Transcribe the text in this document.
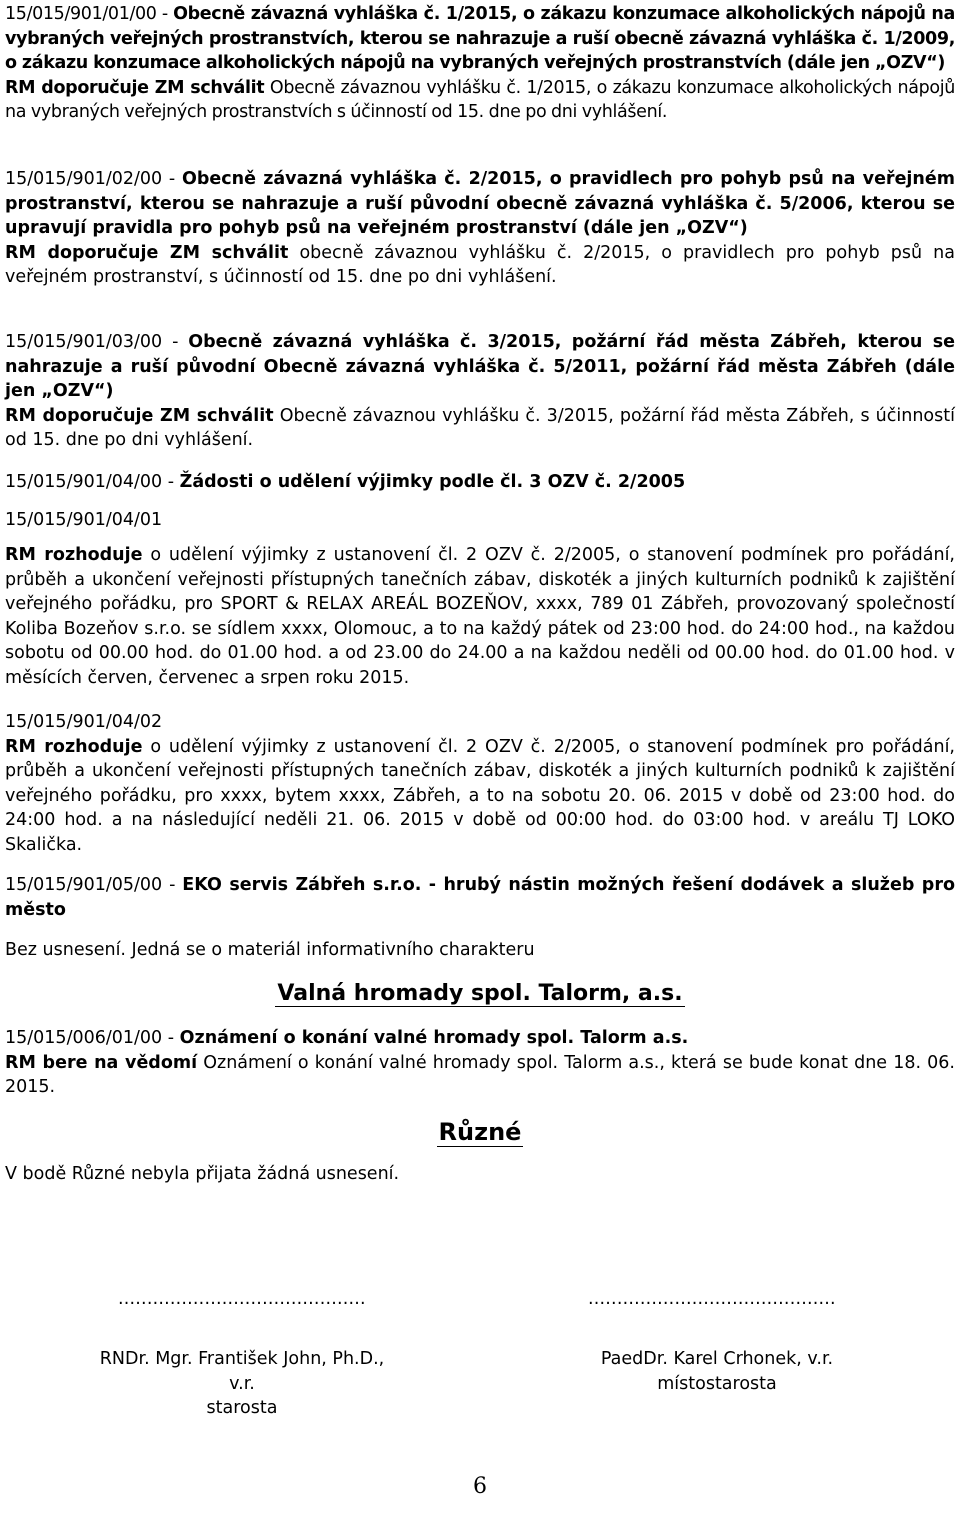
15/015/901/01/00 - Obecně závazná vyhláška č. 1/2015, o zákazu konzumace alkoholických nápojů na vybraných veřejných prostranstvích, kterou se nahrazuje a ruší obecně závazná vyhláška č. 1/2009, o zákazu konzumace alkoholických nápojů na vybraných veřejných prostranstvích (dále jen „OZV“)

RM doporučuje ZM schválit Obecně závaznou vyhlášku č. 1/2015, o zákazu konzumace alkoholických nápojů na vybraných veřejných prostranstvích s účinností od 15. dne po dni vyhlášení.

15/015/901/02/00 - Obecně závazná vyhláška č. 2/2015, o pravidlech pro pohyb psů na veřejném prostranství, kterou se nahrazuje a ruší původní obecně závazná vyhláška č. 5/2006, kterou se upravují pravidla pro pohyb psů na veřejném prostranství (dále jen „OZV“)

RM doporučuje ZM schválit obecně závaznou vyhlášku č. 2/2015, o pravidlech pro pohyb psů na veřejném prostranství, s účinností od 15. dne po dni vyhlášení.

15/015/901/03/00 - Obecně závazná vyhláška č. 3/2015, požární řád města Zábřeh, kterou se nahrazuje a ruší původní Obecně závazná vyhláška č. 5/2011, požární řád města Zábřeh (dále jen „OZV“)

RM doporučuje ZM schválit Obecně závaznou vyhlášku č. 3/2015, požární řád města Zábřeh, s účinností od 15. dne po dni vyhlášení.

15/015/901/04/00 - Žádosti o udělení výjimky podle čl. 3 OZV č. 2/2005

15/015/901/04/01

RM rozhoduje o udělení výjimky z ustanovení čl. 2 OZV č. 2/2005, o stanovení podmínek pro pořádání, průběh a ukončení veřejnosti přístupných tanečních zábav, diskoték a jiných kulturních podniků k zajištění veřejného pořádku, pro SPORT & RELAX AREÁL BOZEŇOV, xxxx, 789 01 Zábřeh, provozovaný společností Koliba Bozeňov s.r.o. se sídlem xxxx, Olomouc, a to na každý pátek od 23:00 hod. do 24:00 hod., na každou sobotu od 00.00 hod. do 01.00 hod. a od 23.00 do 24.00 a na každou neděli od 00.00 hod. do 01.00 hod. v měsících červen, červenec a srpen roku 2015.

15/015/901/04/02

RM rozhoduje o udělení výjimky z ustanovení čl. 2 OZV č. 2/2005, o stanovení podmínek pro pořádání, průběh a ukončení veřejnosti přístupných tanečních zábav, diskoték a jiných kulturních podniků k zajištění veřejného pořádku, pro xxxx, bytem xxxx, Zábřeh, a to na sobotu 20. 06. 2015 v době od 23:00 hod. do 24:00 hod. a na následující neděli 21. 06. 2015 v době od 00:00 hod. do 03:00 hod. v areálu TJ LOKO Skalička.

15/015/901/05/00 - EKO servis Zábřeh s.r.o. - hrubý nástin možných řešení dodávek a služeb pro město

Bez usnesení. Jedná se o materiál informativního charakteru

Valná hromady spol. Talorm, a.s.

15/015/006/01/00 - Oznámení o konání valné hromady spol. Talorm a.s.

RM bere na vědomí Oznámení o konání valné hromady spol. Talorm a.s., která se bude konat dne 18. 06. 2015.

Různé

V bodě Různé nebyla přijata žádná usnesení.

...........................................	...........................................
RNDr. Mgr. František John, Ph.D., v.r.
starosta
PaedDr. Karel Crhonek, v.r.
místostarosta
6
